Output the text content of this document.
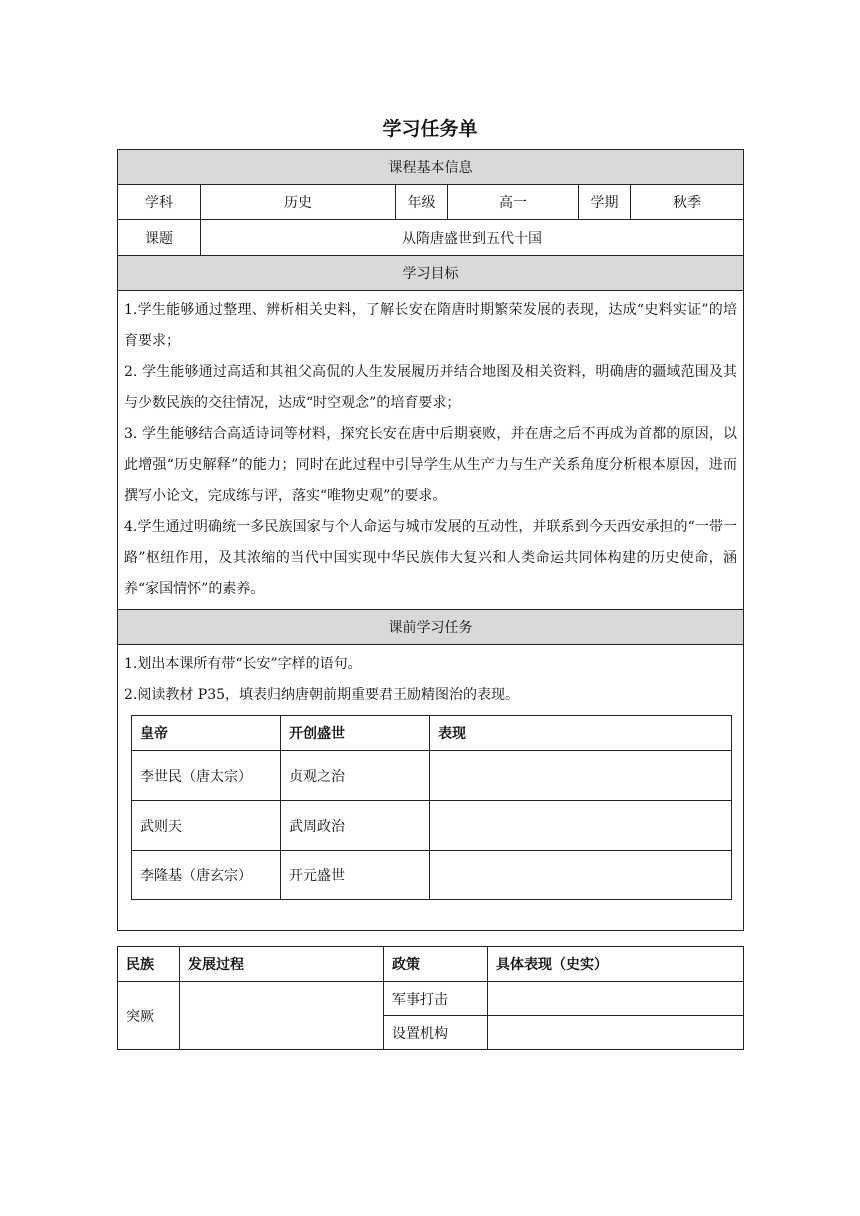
学习任务单
课程基本信息
学科	历史	年级	高一	学期	秋季
课题	从隋唐盛世到五代十国
学习目标

1.学生能够通过整理、辨析相关史料，了解长安在隋唐时期繁荣发展的表现，达成“史料实证”的培育要求；

2. 学生能够通过高适和其祖父高侃的人生发展履历并结合地图及相关资料，明确唐的疆域范围及其与少数民族的交往情况，达成“时空观念”的培育要求；

3. 学生能够结合高适诗词等材料，探究长安在唐中后期衰败，并在唐之后不再成为首都的原因，以此增强“历史解释”的能力；同时在此过程中引导学生从生产力与生产关系角度分析根本原因，进而撰写小论文，完成练与评，落实“唯物史观”的要求。

4.学生通过明确统一多民族国家与个人命运与城市发展的互动性，并联系到今天西安承担的“一带一路”枢纽作用，及其浓缩的当代中国实现中华民族伟大复兴和人类命运共同体构建的历史使命，涵养“家国情怀”的素养。

课前学习任务

1.划出本课所有带“长安”字样的语句。

2.阅读教材 P35，填表归纳唐朝前期重要君王励精图治的表现。

皇帝	开创盛世	表现
李世民（唐太宗）	贞观之治	
武则天	武周政治	
李隆基（唐玄宗）	开元盛世	
民族	发展过程	政策	具体表现（史实）
突厥		军事打击	
		设置机构	
